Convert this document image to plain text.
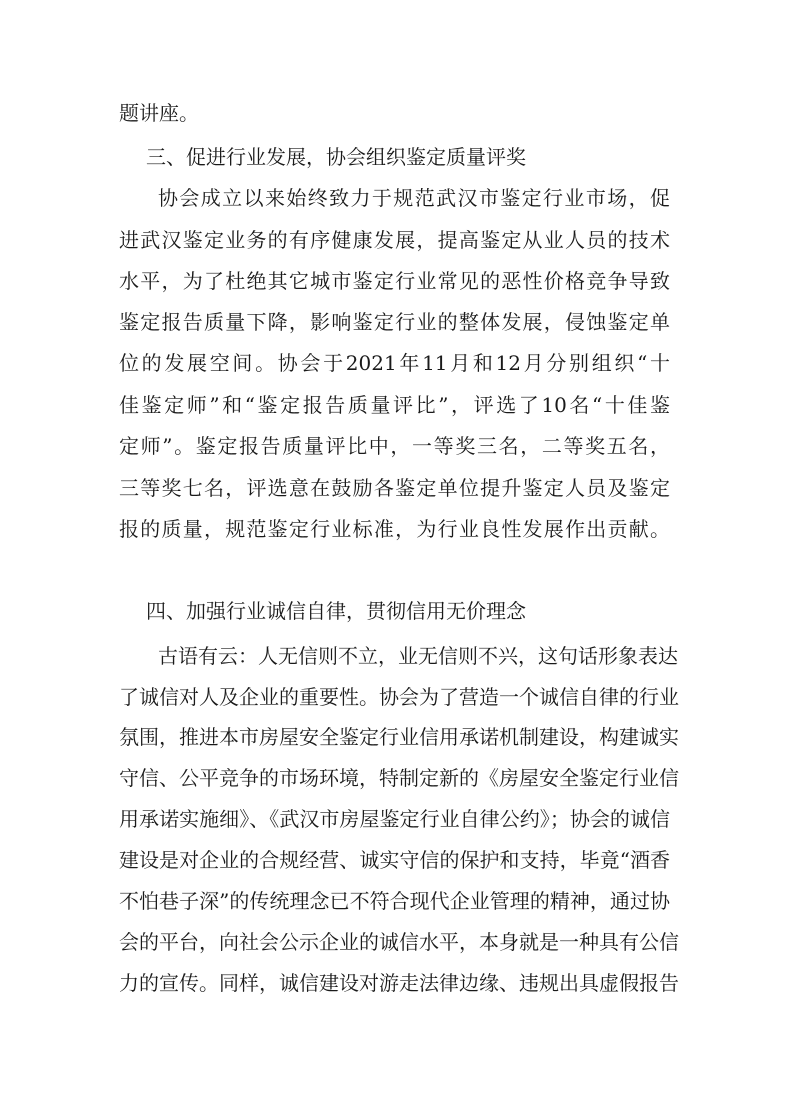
题讲座。
三、促进行业发展，协会组织鉴定质量评奖
协会成立以来始终致力于规范武汉市鉴定行业市场，促
进武汉鉴定业务的有序健康发展，提高鉴定从业人员的技术
水平，为了杜绝其它城市鉴定行业常见的恶性价格竞争导致
鉴定报告质量下降，影响鉴定行业的整体发展，侵蚀鉴定单
位的发展空间。协会于2021年11月和12月分别组织“十
佳鉴定师”和“鉴定报告质量评比”，评选了10名“十佳鉴
定师”。鉴定报告质量评比中，一等奖三名，二等奖五名，
三等奖七名，评选意在鼓励各鉴定单位提升鉴定人员及鉴定
报的质量，规范鉴定行业标准，为行业良性发展作出贡献。
四、加强行业诚信自律，贯彻信用无价理念
古语有云：人无信则不立，业无信则不兴，这句话形象表达
了诚信对人及企业的重要性。协会为了营造一个诚信自律的行业
氛围，推进本市房屋安全鉴定行业信用承诺机制建设，构建诚实
守信、公平竞争的市场环境，特制定新的《房屋安全鉴定行业信
用承诺实施细》、《武汉市房屋鉴定行业自律公约》；协会的诚信
建设是对企业的合规经营、诚实守信的保护和支持，毕竟“酒香
不怕巷子深”的传统理念已不符合现代企业管理的精神，通过协
会的平台，向社会公示企业的诚信水平，本身就是一种具有公信
力的宣传。同样，诚信建设对游走法律边缘、违规出具虚假报告
